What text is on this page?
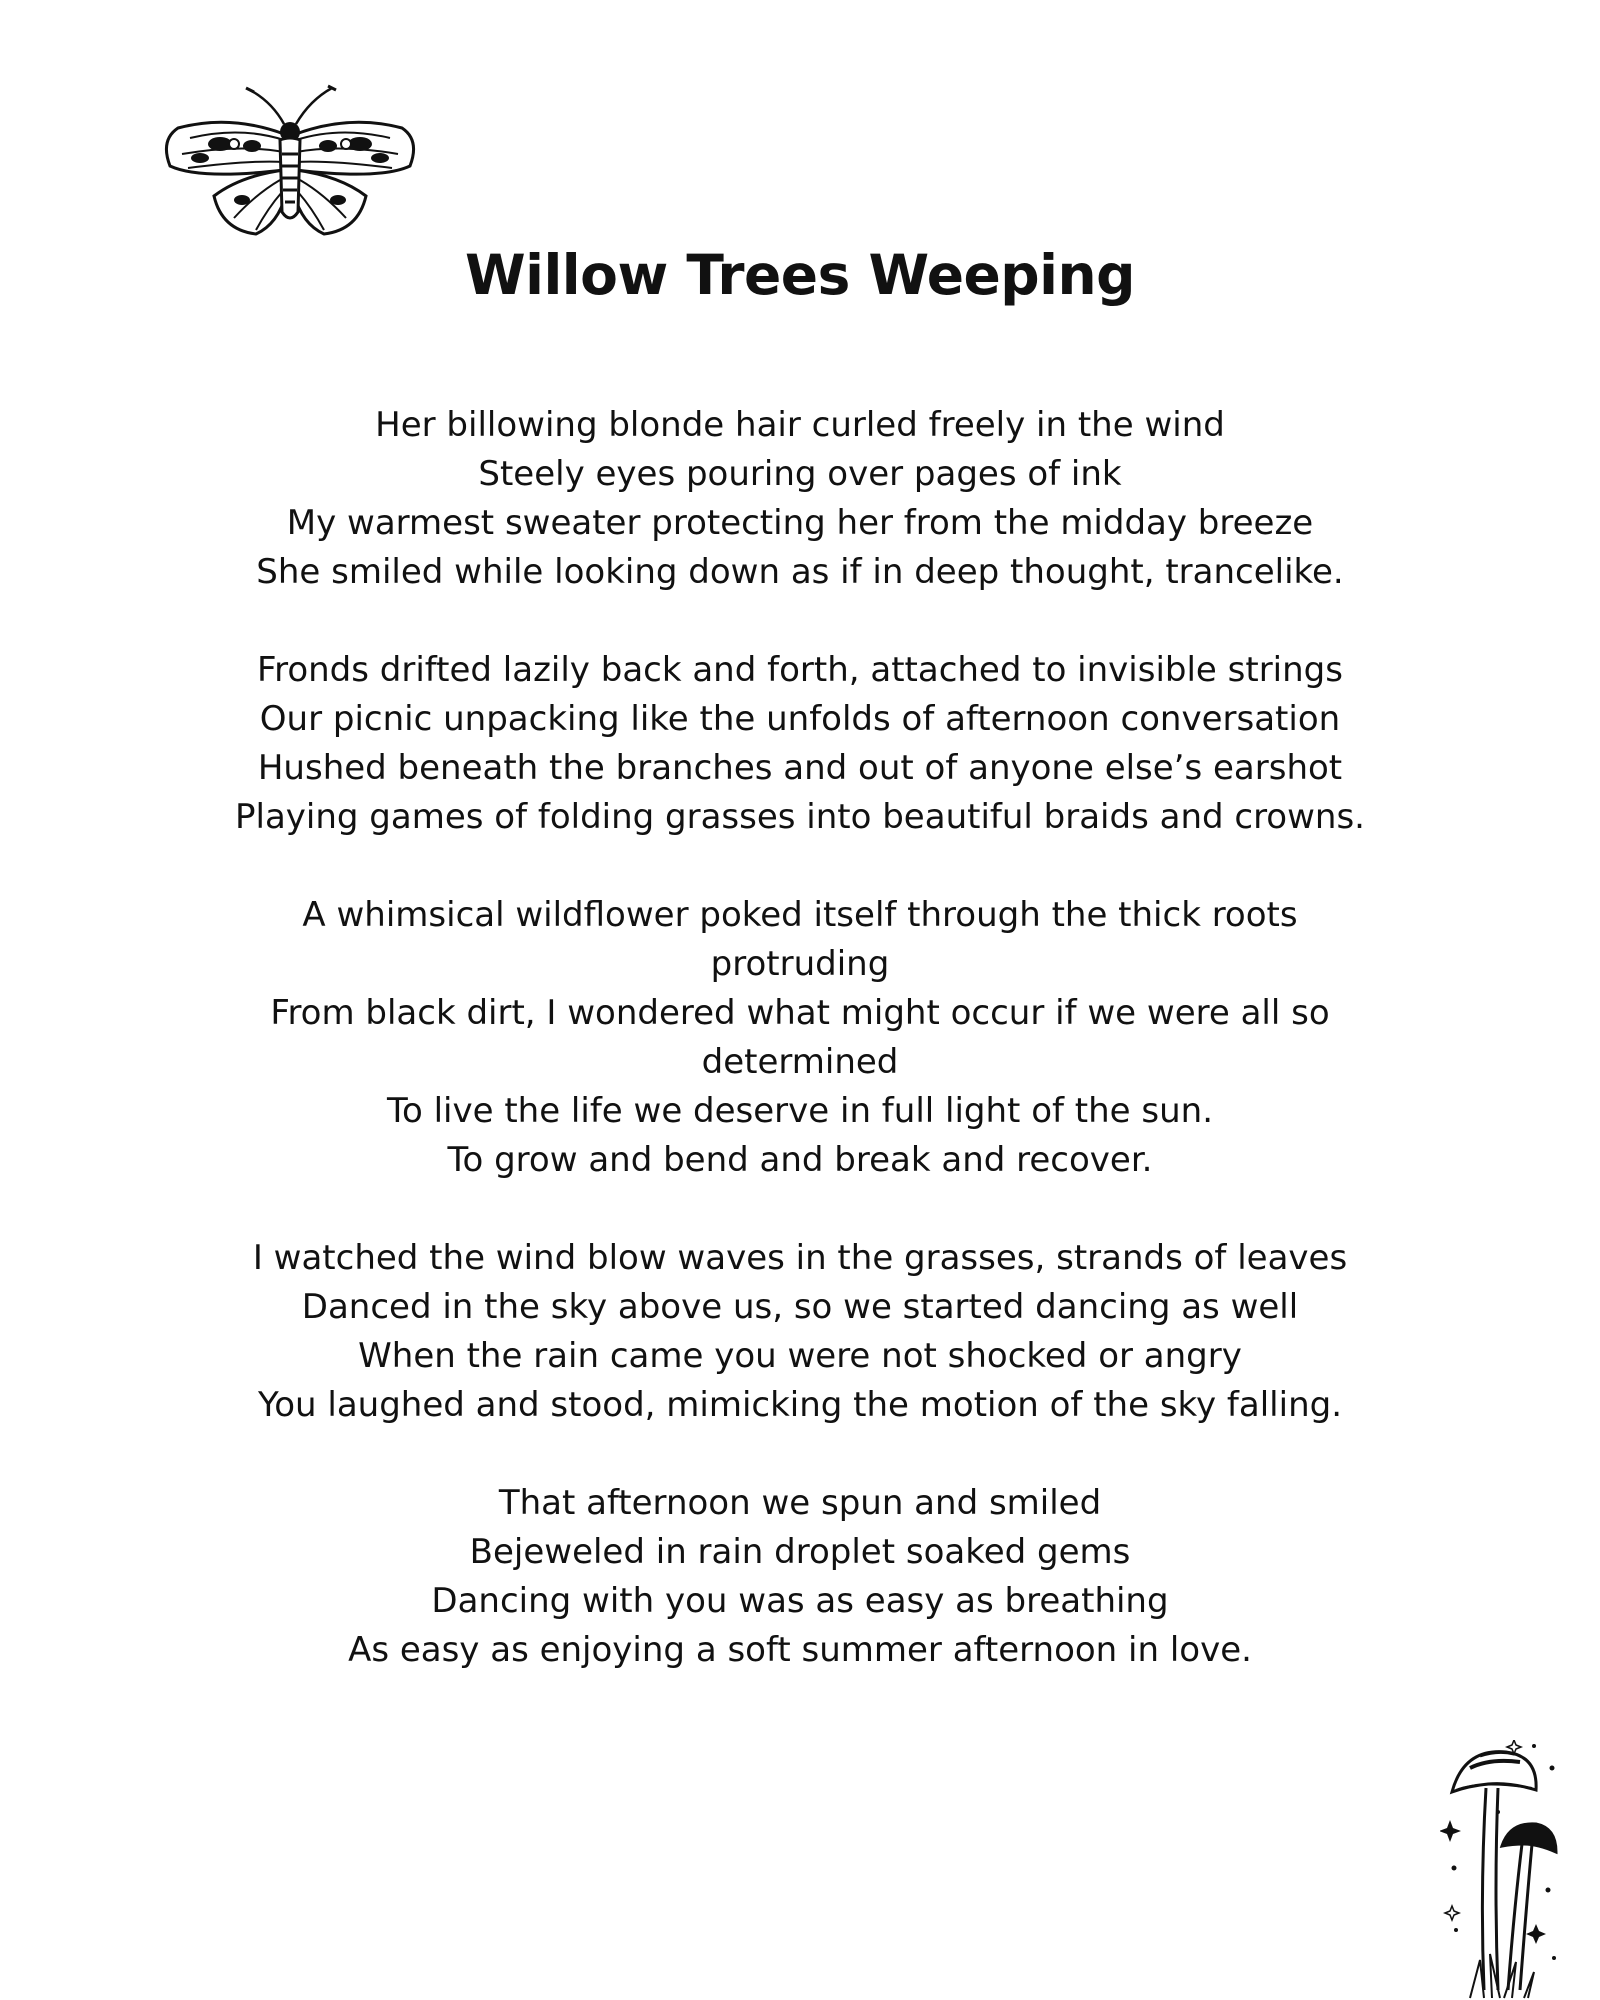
Willow Trees Weeping
Her billowing blonde hair curled freely in the wind
Steely eyes pouring over pages of ink
My warmest sweater protecting her from the midday breeze
She smiled while looking down as if in deep thought, trancelike.
Fronds drifted lazily back and forth, attached to invisible strings
Our picnic unpacking like the unfolds of afternoon conversation
Hushed beneath the branches and out of anyone else’s earshot
Playing games of folding grasses into beautiful braids and crowns.
A whimsical wildflower poked itself through the thick roots protruding
From black dirt, I wondered what might occur if we were all so determined
To live the life we deserve in full light of the sun.
To grow and bend and break and recover.
I watched the wind blow waves in the grasses, strands of leaves
Danced in the sky above us, so we started dancing as well
When the rain came you were not shocked or angry
You laughed and stood, mimicking the motion of the sky falling.
That afternoon we spun and smiled
Bejeweled in rain droplet soaked gems
Dancing with you was as easy as breathing
As easy as enjoying a soft summer afternoon in love.
